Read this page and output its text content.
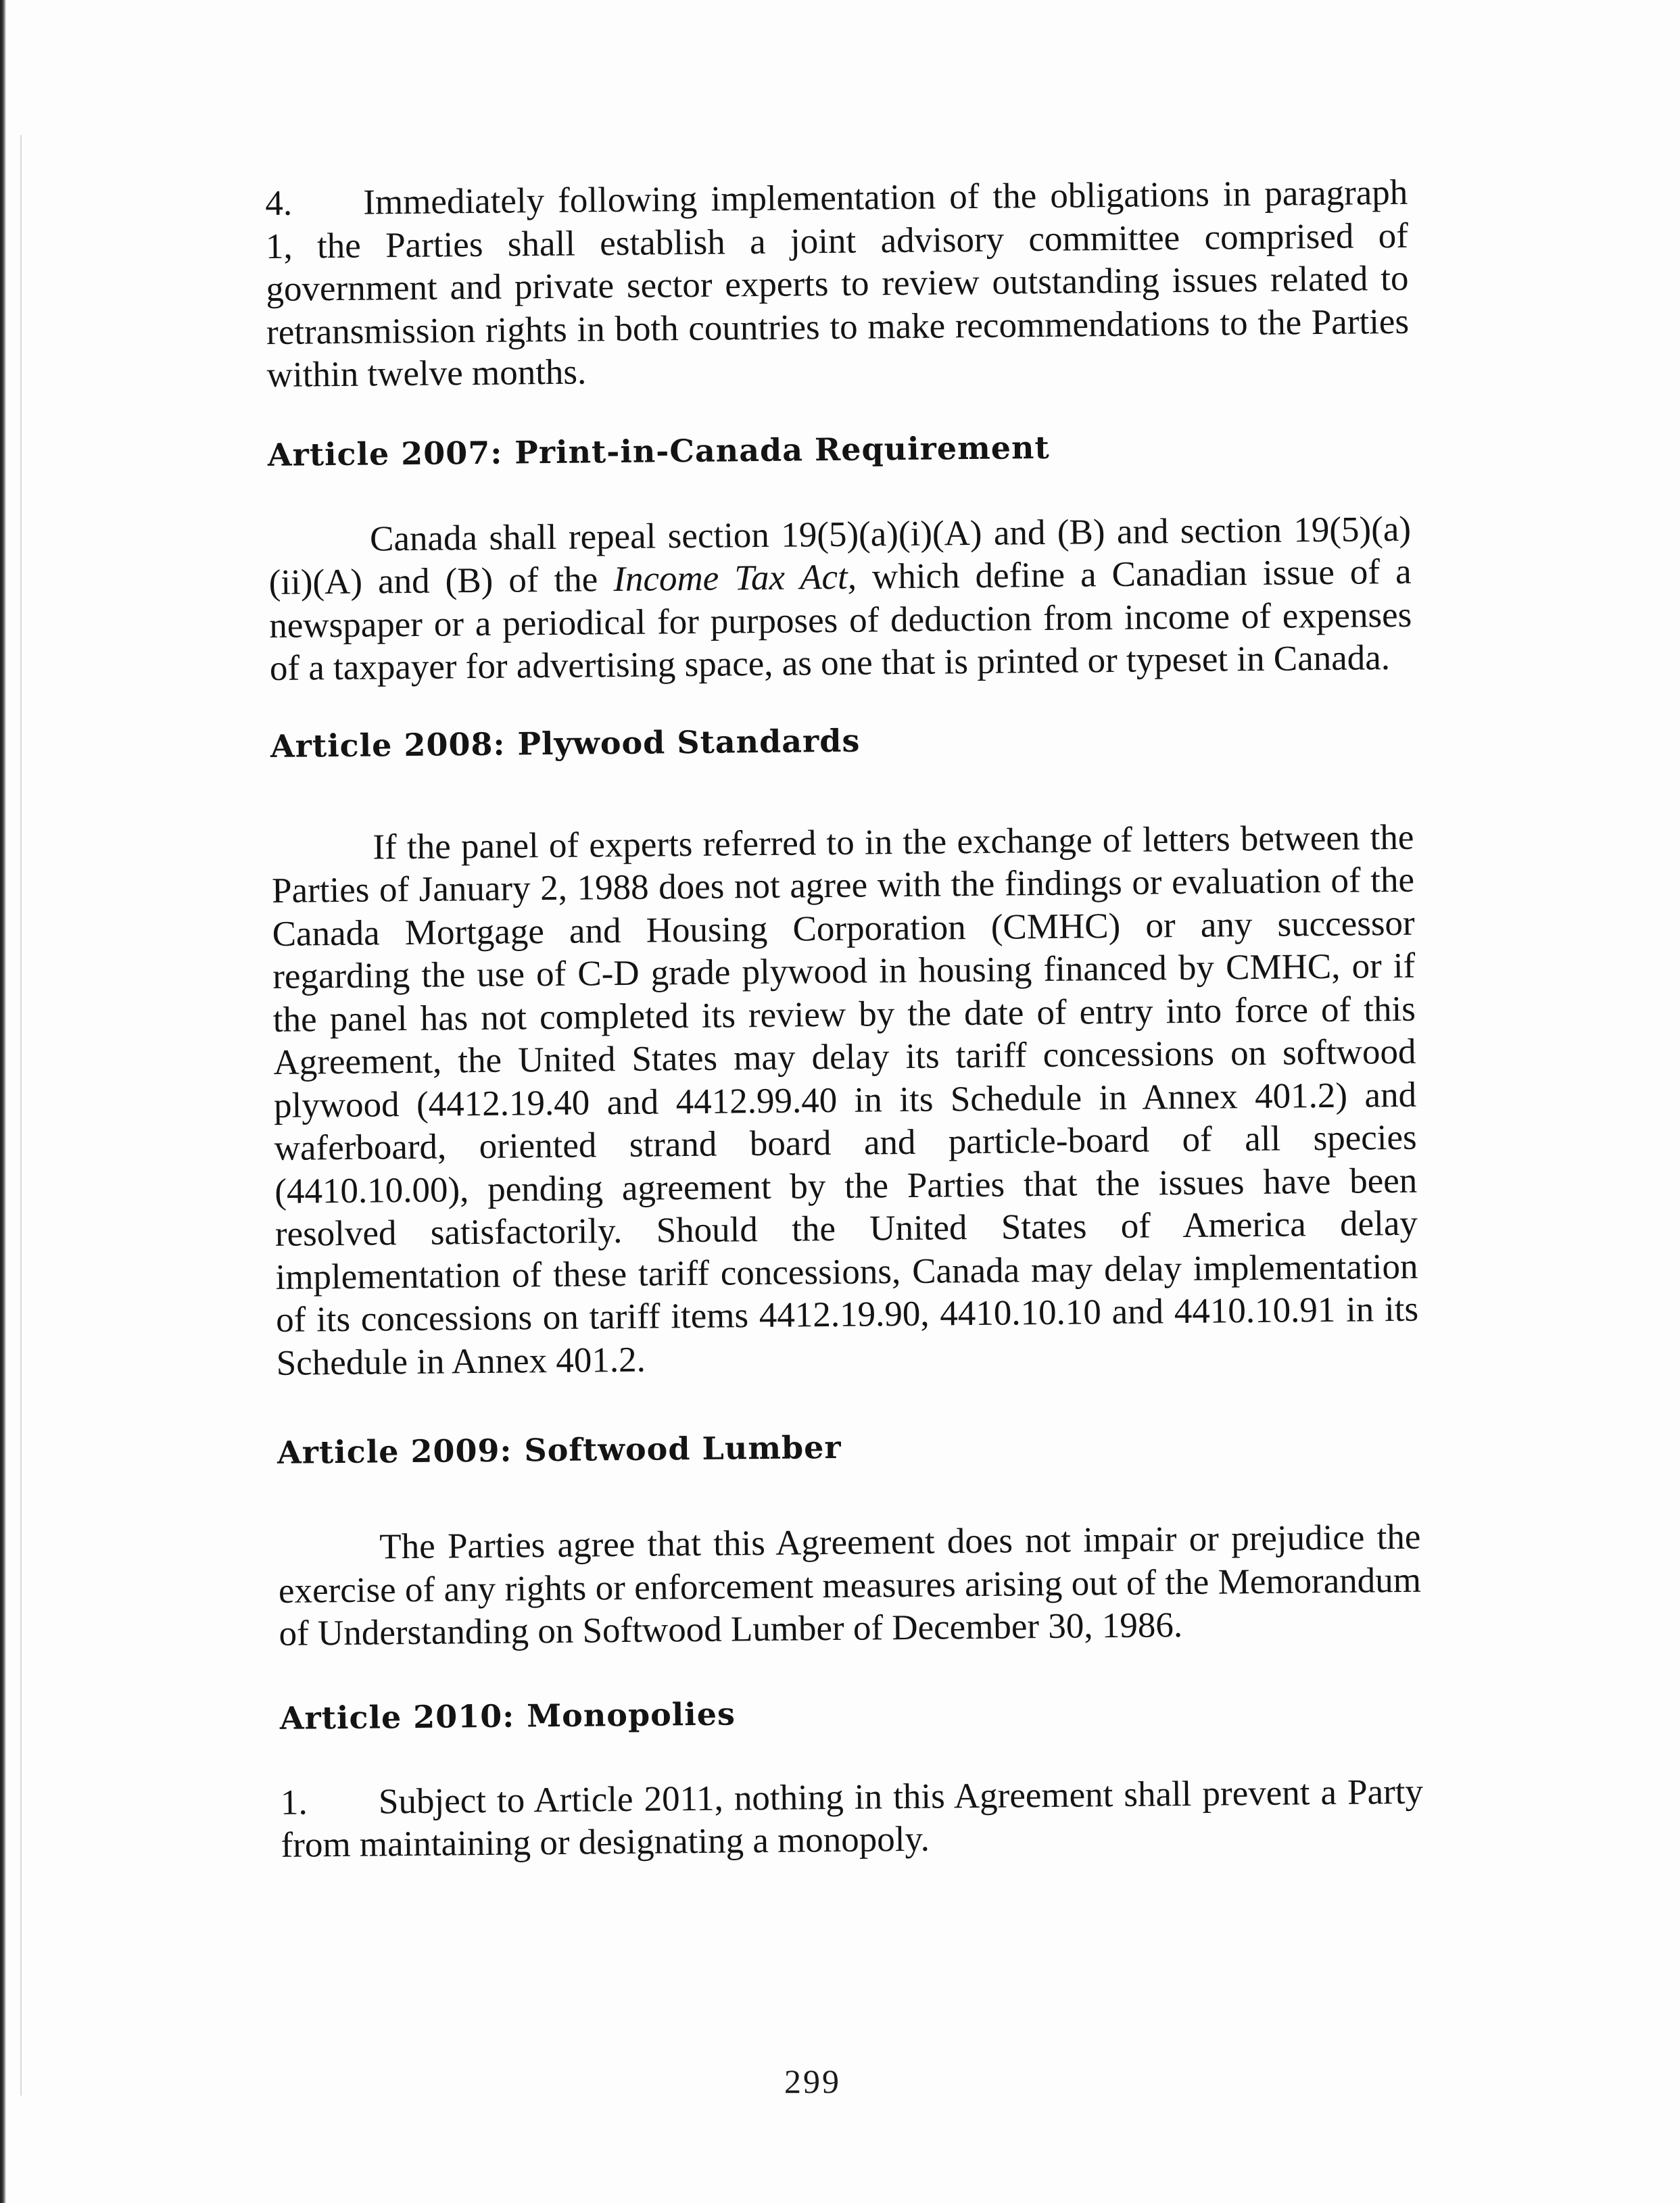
4. Immediately following implementation of the obligations in paragraph 1, the Parties shall establish a joint advisory committee comprised of government and private sector experts to review outstanding issues related to retransmission rights in both countries to make recommendations to the Parties within twelve months.

Article 2007: Print-in-Canada Requirement

Canada shall repeal section 19(5)(a)(i)(A) and (B) and section 19(5)(a)(ii)(A) and (B) of the Income Tax Act, which define a Canadian issue of a newspaper or a periodical for purposes of deduction from income of expenses of a taxpayer for advertising space, as one that is printed or typeset in Canada.

Article 2008: Plywood Standards

If the panel of experts referred to in the exchange of letters between the Parties of January 2, 1988 does not agree with the findings or evaluation of the Canada Mortgage and Housing Corporation (CMHC) or any successor regarding the use of C-D grade plywood in housing financed by CMHC, or if the panel has not completed its review by the date of entry into force of this Agreement, the United States may delay its tariff concessions on softwood plywood (4412.19.40 and 4412.99.40 in its Schedule in Annex 401.2) and waferboard, oriented strand board and particle-board of all species (4410.10.00), pending agreement by the Parties that the issues have been resolved satisfactorily. Should the United States of America delay implementation of these tariff concessions, Canada may delay implementation of its concessions on tariff items 4412.19.90, 4410.10.10 and 4410.10.91 in its Schedule in Annex 401.2.

Article 2009: Softwood Lumber

The Parties agree that this Agreement does not impair or prejudice the exercise of any rights or enforcement measures arising out of the Memorandum of Understanding on Softwood Lumber of December 30, 1986.

Article 2010: Monopolies

1. Subject to Article 2011, nothing in this Agreement shall prevent a Party from maintaining or designating a monopoly.

299
